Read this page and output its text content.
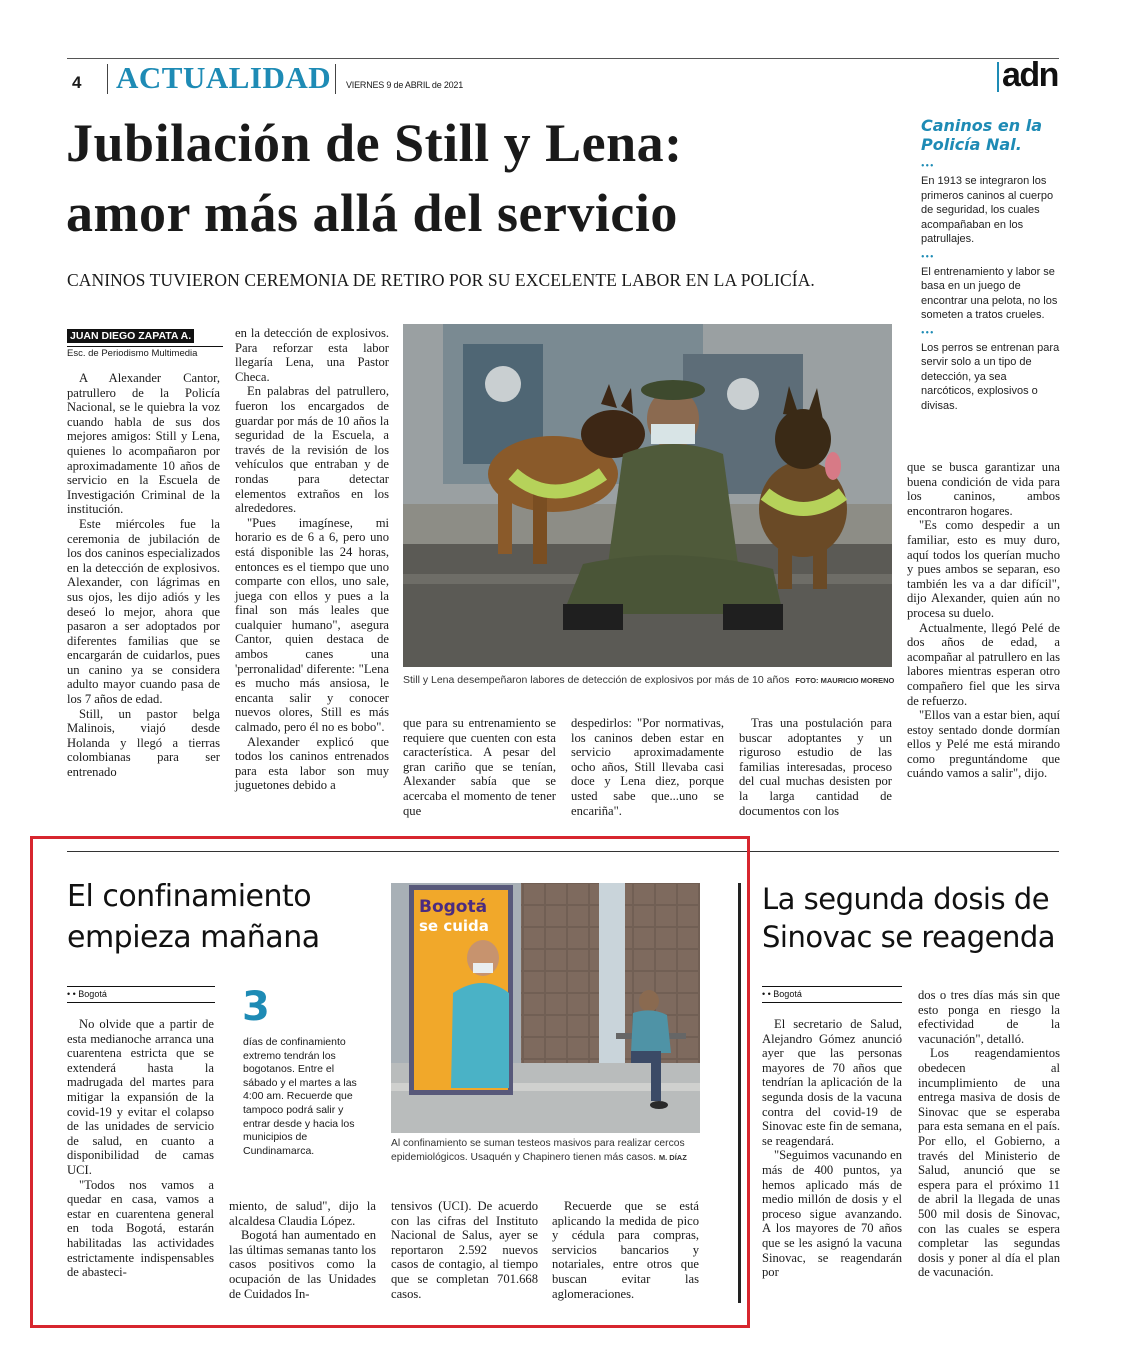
4 ACTUALIDAD VIERNES 9 de ABRIL de 2021	adn
Jubilación de Still y Lena:
amor más allá del servicio
CANINOS TUVIERON CEREMONIA DE RETIRO POR SU EXCELENTE LABOR EN LA POLICÍA.
Caninos en la
Policía Nal.
•••
En 1913 se integraron los primeros caninos al cuerpo de seguridad, los cuales acompañaban en los patrullajes.
•••
El entrenamiento y labor se basa en un juego de encontrar una pelota, no los someten a tratos crueles.
•••
Los perros se entrenan para servir solo a un tipo de detección, ya sea narcóticos, explosivos o divisas.
JUAN DIEGO ZAPATA A.
Esc. de Periodismo Multimedia

A Alexander Cantor, patrullero de la Policía Nacional, se le quiebra la voz cuando habla de sus dos mejores amigos: Still y Lena, quienes lo acompañaron por aproximadamente 10 años de servicio en la Escuela de Investigación Criminal de la institución.

Este miércoles fue la ceremonia de jubilación de los dos caninos especializados en la detección de explosivos. Alexander, con lágrimas en sus ojos, les dijo adiós y les deseó lo mejor, ahora que pasaron a ser adoptados por diferentes familias que se encargarán de cuidarlos, pues un canino ya se considera adulto mayor cuando pasa de los 7 años de edad.

Still, un pastor belga Malinois, viajó desde Holanda y llegó a tierras colombianas para ser entrenado

en la detección de explosivos. Para reforzar esta labor llegaría Lena, una Pastor Checa.

En palabras del patrullero, fueron los encargados de guardar por más de 10 años la seguridad de la Escuela, a través de la revisión de los vehículos que entraban y de rondas para detectar elementos extraños en los alrededores.

"Pues imagínese, mi horario es de 6 a 6, pero uno está disponible las 24 horas, entonces es el tiempo que uno comparte con ellos, uno sale, juega con ellos y pues a la final son más leales que cualquier humano", asegura Cantor, quien destaca de ambos canes una 'perronalidad' diferente: "Lena es mucho más ansiosa, le encanta salir y conocer nuevos olores, Still es más calmado, pero él no es bobo".

Alexander explicó que todos los caninos entrenados para esta labor son muy juguetones debido a

Still y Lena desempeñaron labores de detección de explosivos por más de 10 años FOTO: MAURICIO MORENO

que para su entrenamiento se requiere que cuenten con esta característica. A pesar del gran cariño que se tenían, Alexander sabía que se acercaba el momento de tener que

despedirlos: "Por normativas, los caninos deben estar en servicio aproximadamente ocho años, Still llevaba casi doce y Lena diez, porque usted sabe que...uno se encariña".

Tras una postulación para buscar adoptantes y un riguroso estudio de las familias interesadas, proceso del cual muchas desisten por la larga cantidad de documentos con los

que se busca garantizar una buena condición de vida para los caninos, ambos encontraron hogares.

"Es como despedir a un familiar, esto es muy duro, aquí todos los querían mucho y pues ambos se separan, eso también les va a dar difícil", dijo Alexander, quien aún no procesa su duelo.

Actualmente, llegó Pelé de dos años de edad, a acompañar al patrullero en las labores mientras esperan otro compañero fiel que les sirva de refuerzo.

"Ellos van a estar bien, aquí estoy sentado donde dormían ellos y Pelé me está mirando como preguntándome que cuándo vamos a salir", dijo.

El confinamiento
empieza mañana
• • Bogotá	3
días de confinamiento extremo tendrán los bogotanos. Entre el sábado y el martes a las 4:00 am. Recuerde que tampoco podrá salir y entrar desde y hacia los municipios de Cundinamarca.

No olvide que a partir de esta medianoche arranca una cuarentena estricta que se extenderá hasta la madrugada del martes para mitigar la expansión de la covid-19 y evitar el colapso de las unidades de servicio de salud, en cuanto a disponibilidad de camas UCI.

"Todos nos vamos a quedar en casa, vamos a estar en cuarentena general en toda Bogotá, estarán habilitadas las actividades estrictamente indispensables de abasteci-

Bogotá
se cuida
Al confinamiento se suman testeos masivos para realizar cercos epidemiológicos. Usaquén y Chapinero tienen más casos. M. DÍAZ

miento, de salud", dijo la alcaldesa Claudia López.

Bogotá han aumentado en las últimas semanas tanto los casos positivos como la ocupación de las Unidades de Cuidados In-

tensivos (UCI). De acuerdo con las cifras del Instituto Nacional de Salus, ayer se reportaron 2.592 nuevos casos de contagio, al tiempo que se completan 701.668 casos.

Recuerde que se está aplicando la medida de pico y cédula para compras, servicios bancarios y notariales, entre otros que buscan evitar las aglomeraciones.

La segunda dosis de
Sinovac se reagenda
• • Bogotá

El secretario de Salud, Alejandro Gómez anunció ayer que las personas mayores de 70 años que tendrían la aplicación de la segunda dosis de la vacuna contra del covid-19 de Sinovac este fin de semana, se reagendará.

"Seguimos vacunando en más de 400 puntos, ya hemos aplicado más de medio millón de dosis y el proceso sigue avanzando. A los mayores de 70 años que se les asignó la vacuna Sinovac, se reagendarán por

dos o tres días más sin que esto ponga en riesgo la efectividad de la vacunación", detalló.

Los reagendamientos obedecen al incumplimiento de una entrega masiva de dosis de Sinovac que se esperaba para esta semana en el país. Por ello, el Gobierno, a través del Ministerio de Salud, anunció que se espera para el próximo 11 de abril la llegada de unas 500 mil dosis de Sinovac, con las cuales se espera completar las segundas dosis y poner al día el plan de vacunación.
